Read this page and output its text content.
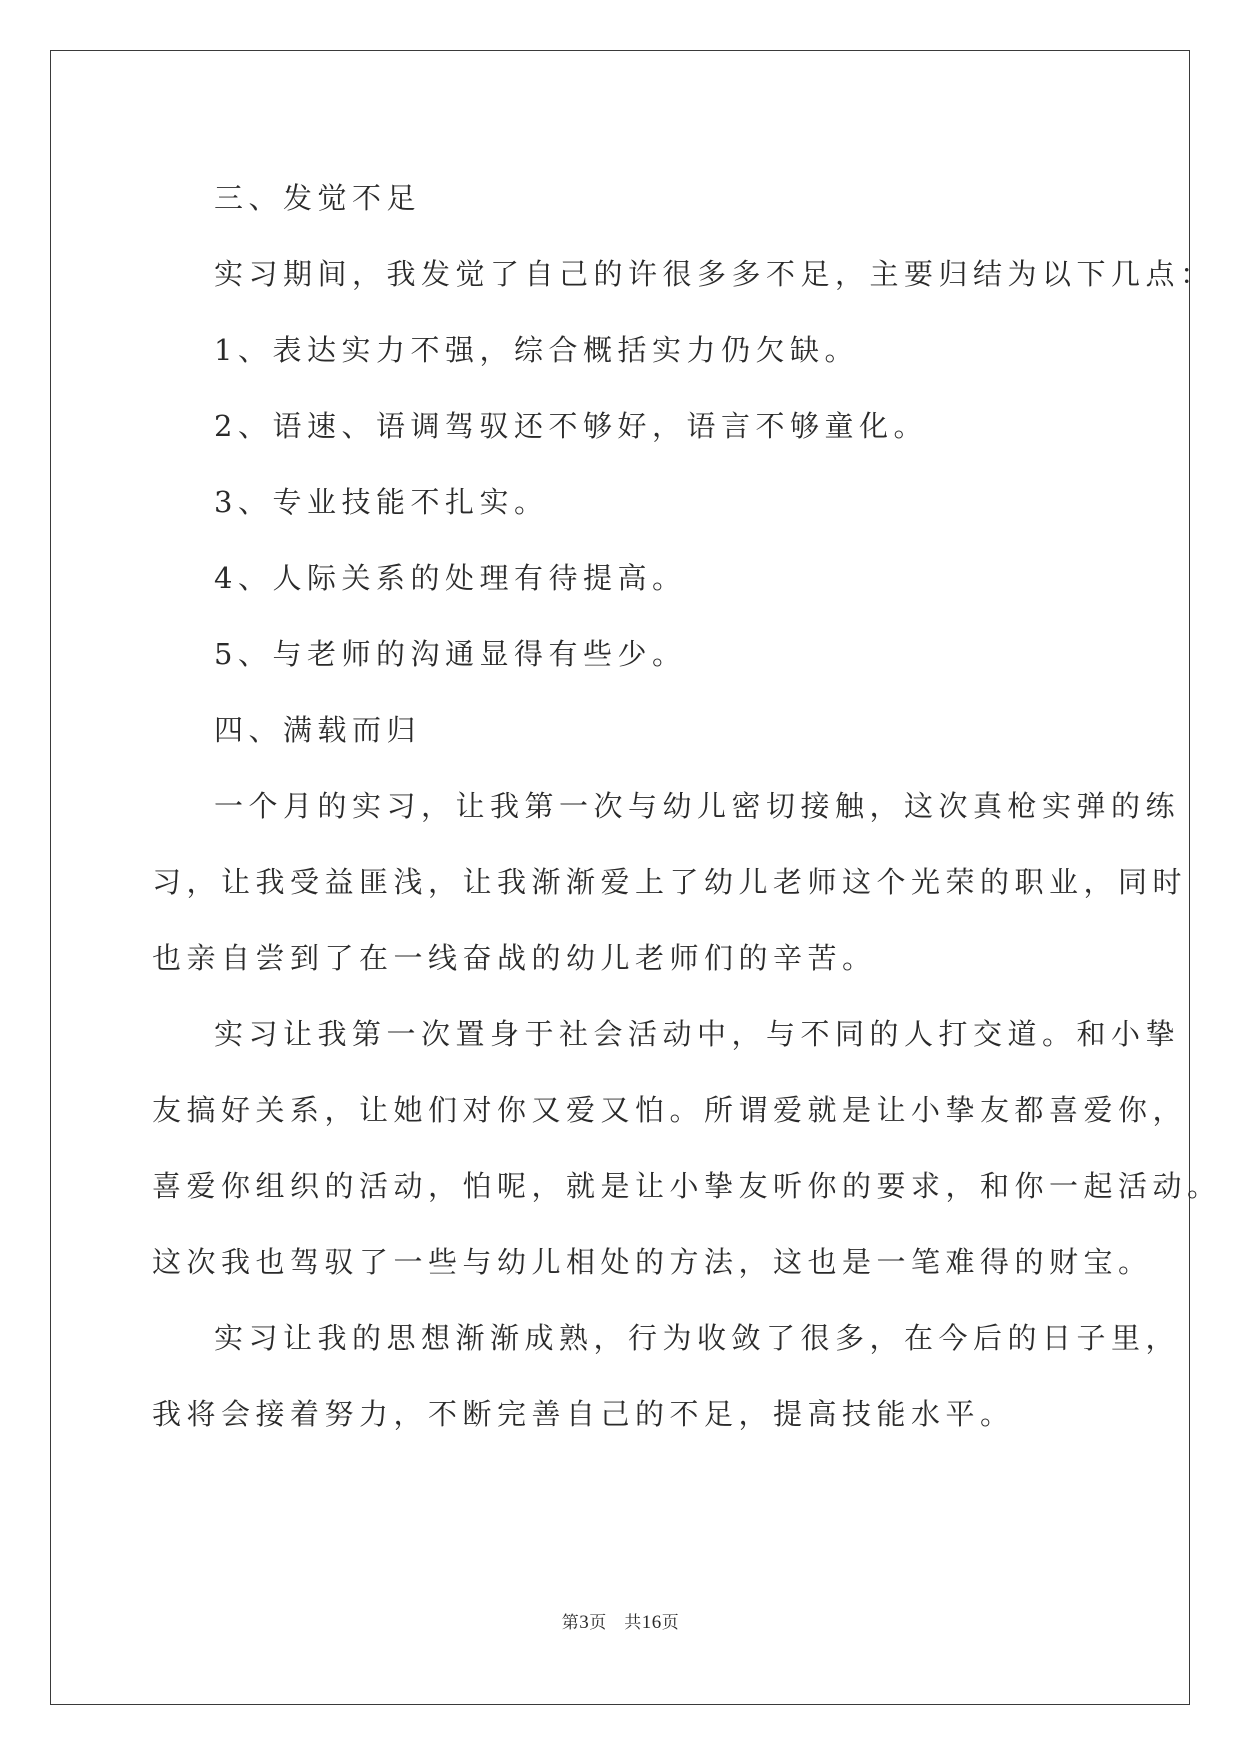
三、发觉不足

实习期间，我发觉了自己的许很多多不足，主要归结为以下几点：

1、表达实力不强，综合概括实力仍欠缺。

2、语速、语调驾驭还不够好，语言不够童化。

3、专业技能不扎实。

4、人际关系的处理有待提高。

5、与老师的沟通显得有些少。

四、满载而归

一个月的实习，让我第一次与幼儿密切接触，这次真枪实弹的练
习，让我受益匪浅，让我渐渐爱上了幼儿老师这个光荣的职业，同时
也亲自尝到了在一线奋战的幼儿老师们的辛苦。

实习让我第一次置身于社会活动中，与不同的人打交道。和小挚
友搞好关系，让她们对你又爱又怕。所谓爱就是让小挚友都喜爱你，
喜爱你组织的活动，怕呢，就是让小挚友听你的要求，和你一起活动。
这次我也驾驭了一些与幼儿相处的方法，这也是一笔难得的财宝。

实习让我的思想渐渐成熟，行为收敛了很多，在今后的日子里，
我将会接着努力，不断完善自己的不足，提高技能水平。

第3页　共16页
